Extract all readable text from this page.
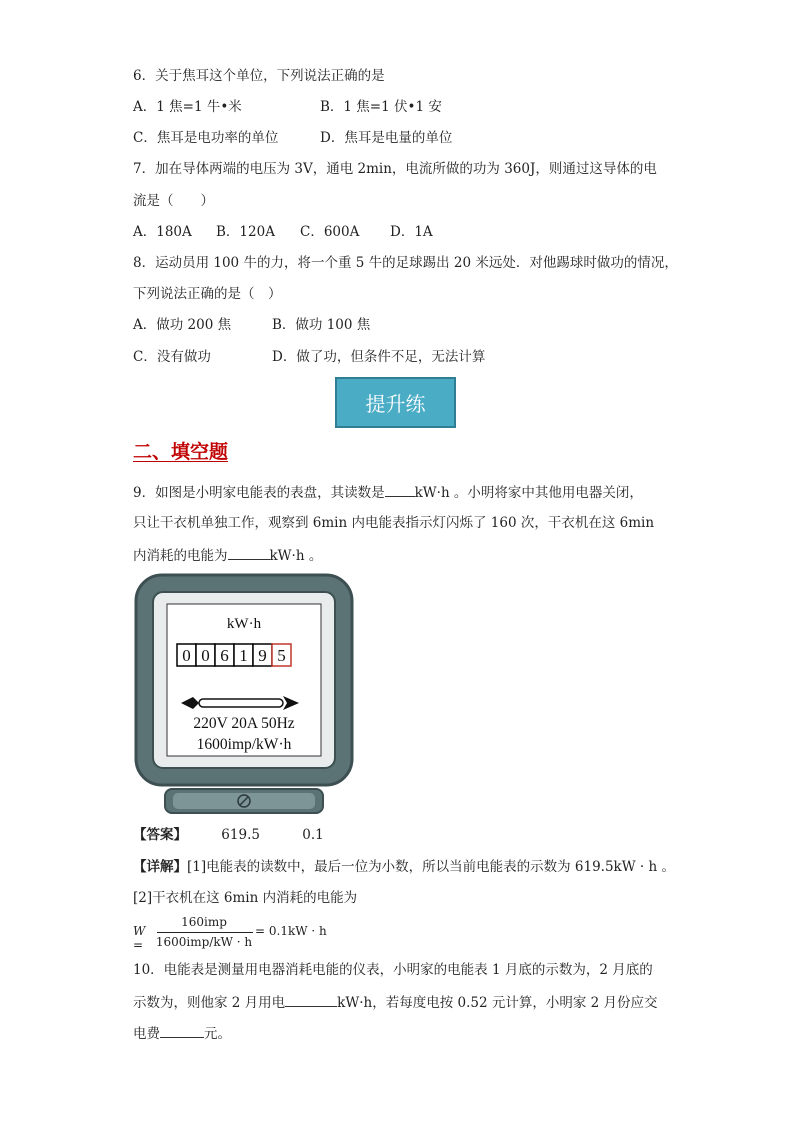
6．关于焦耳这个单位，下列说法正确的是
A．1 焦=1 牛•米	B．1 焦=1 伏•1 安
C．焦耳是电功率的单位	D．焦耳是电量的单位
7．加在导体两端的电压为 3V，通电 2min，电流所做的功为 360J，则通过这导体的电
流是（　　）
A．180A B．120A C．600A D．1A
8．运动员用 100 牛的力，将一个重 5 牛的足球踢出 20 米远处．对他踢球时做功的情况，
下列说法正确的是（　）
A．做功 200 焦	B．做功 100 焦
C．没有做功	D．做了功，但条件不足，无法计算
提升练
二、填空题
9．如图是小明家电能表的表盘，其读数是 kW·h 。小明将家中其他用电器关闭，
只让干衣机单独工作，观察到 6min 内电能表指示灯闪烁了 160 次，干衣机在这 6min
内消耗的电能为	kW·h 。
kW·h
0 0 6 1 9 5
220V 20A 50Hz
1600imp/kW·h
【答案】	619.5	0.1
【详解】[1]电能表的读数中，最后一位为小数，所以当前电能表的示数为 619.5kW · h 。
[2]干衣机在这 6min 内消耗的电能为
W =
160imp
1600imp/kW · h
= 0.1kW · h
10．电能表是测量用电器消耗电能的仪表，小明家的电能表 1 月底的示数为，2 月底的
示数为，则他家 2 月用电	kW·h，若每度电按 0.52 元计算，小明家 2 月份应交
电费	元。
